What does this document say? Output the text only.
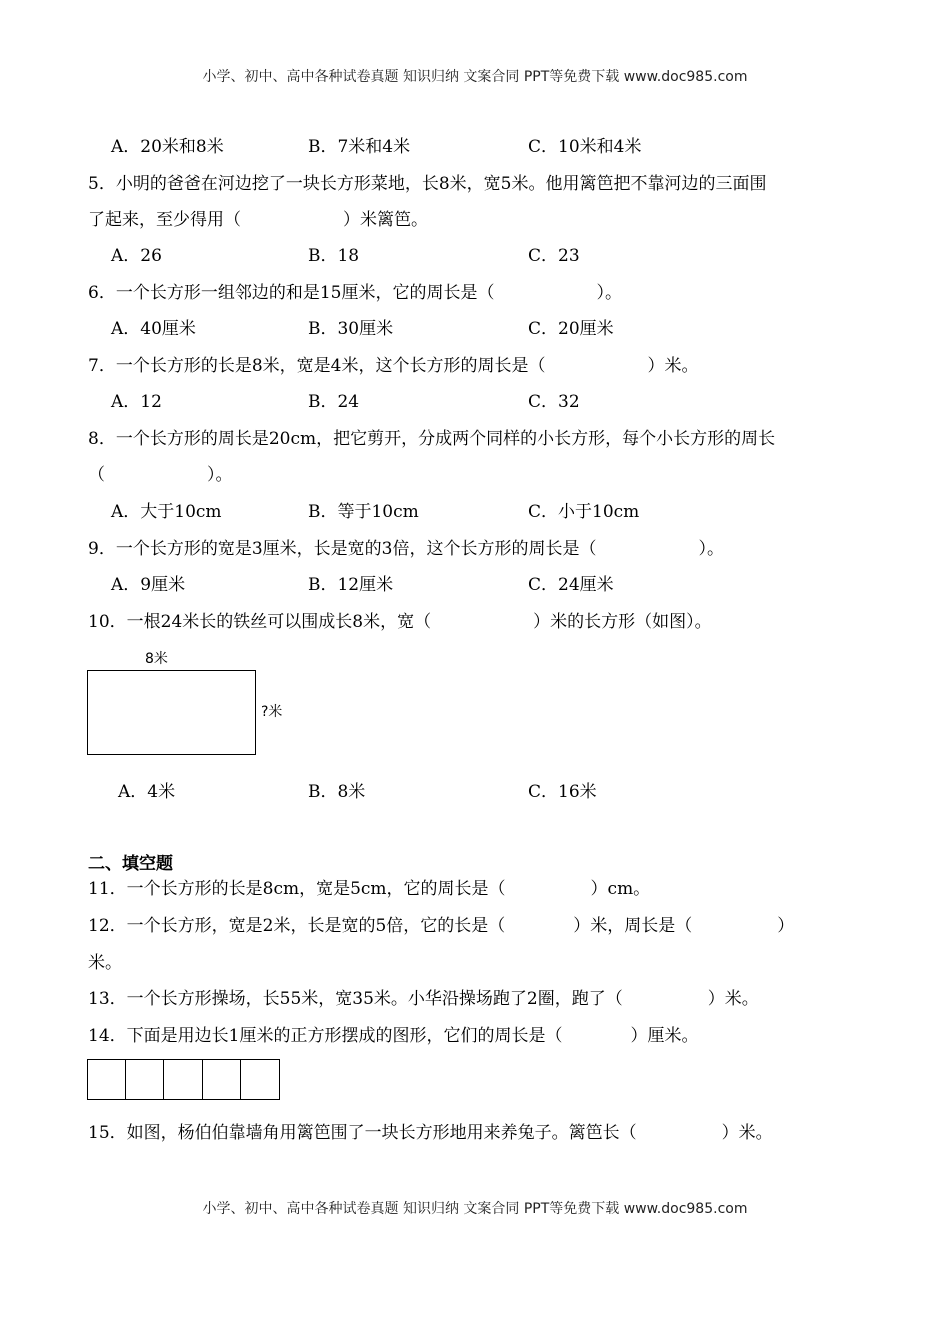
小学、初中、高中各种试卷真题 知识归纳 文案合同 PPT等免费下载 www.doc985.com
A．20米和8米	B．7米和4米	C．10米和4米
5．小明的爸爸在河边挖了一块长方形菜地，长8米，宽5米。他用篱笆把不靠河边的三面围
了起来，至少得用（　　　　　　）米篱笆。
A．26	B．18	C．23
6．一个长方形一组邻边的和是15厘米，它的周长是（　　　　　　）。
A．40厘米	B．30厘米	C．20厘米
7．一个长方形的长是8米，宽是4米，这个长方形的周长是（　　　　　　）米。
A．12	B．24	C．32
8．一个长方形的周长是20cm，把它剪开，分成两个同样的小长方形，每个小长方形的周长
（　　　　　　）。
A．大于10cm	B．等于10cm	C．小于10cm
9．一个长方形的宽是3厘米，长是宽的3倍，这个长方形的周长是（　　　　　　）。
A．9厘米	B．12厘米	C．24厘米
10．一根24米长的铁丝可以围成长8米，宽（　　　　　　）米的长方形（如图）。
8米
?米
A．4米	B．8米	C．16米
二、填空题
11．一个长方形的长是8cm，宽是5cm，它的周长是（　　　　　）cm。
12．一个长方形，宽是2米，长是宽的5倍，它的长是（　　　　）米，周长是（　　　　　）
米。
13．一个长方形操场，长55米，宽35米。小华沿操场跑了2圈，跑了（　　　　　）米。
14．下面是用边长1厘米的正方形摆成的图形，它们的周长是（　　　　）厘米。
15．如图，杨伯伯靠墙角用篱笆围了一块长方形地用来养兔子。篱笆长（　　　　　）米。
小学、初中、高中各种试卷真题 知识归纳 文案合同 PPT等免费下载 www.doc985.com
